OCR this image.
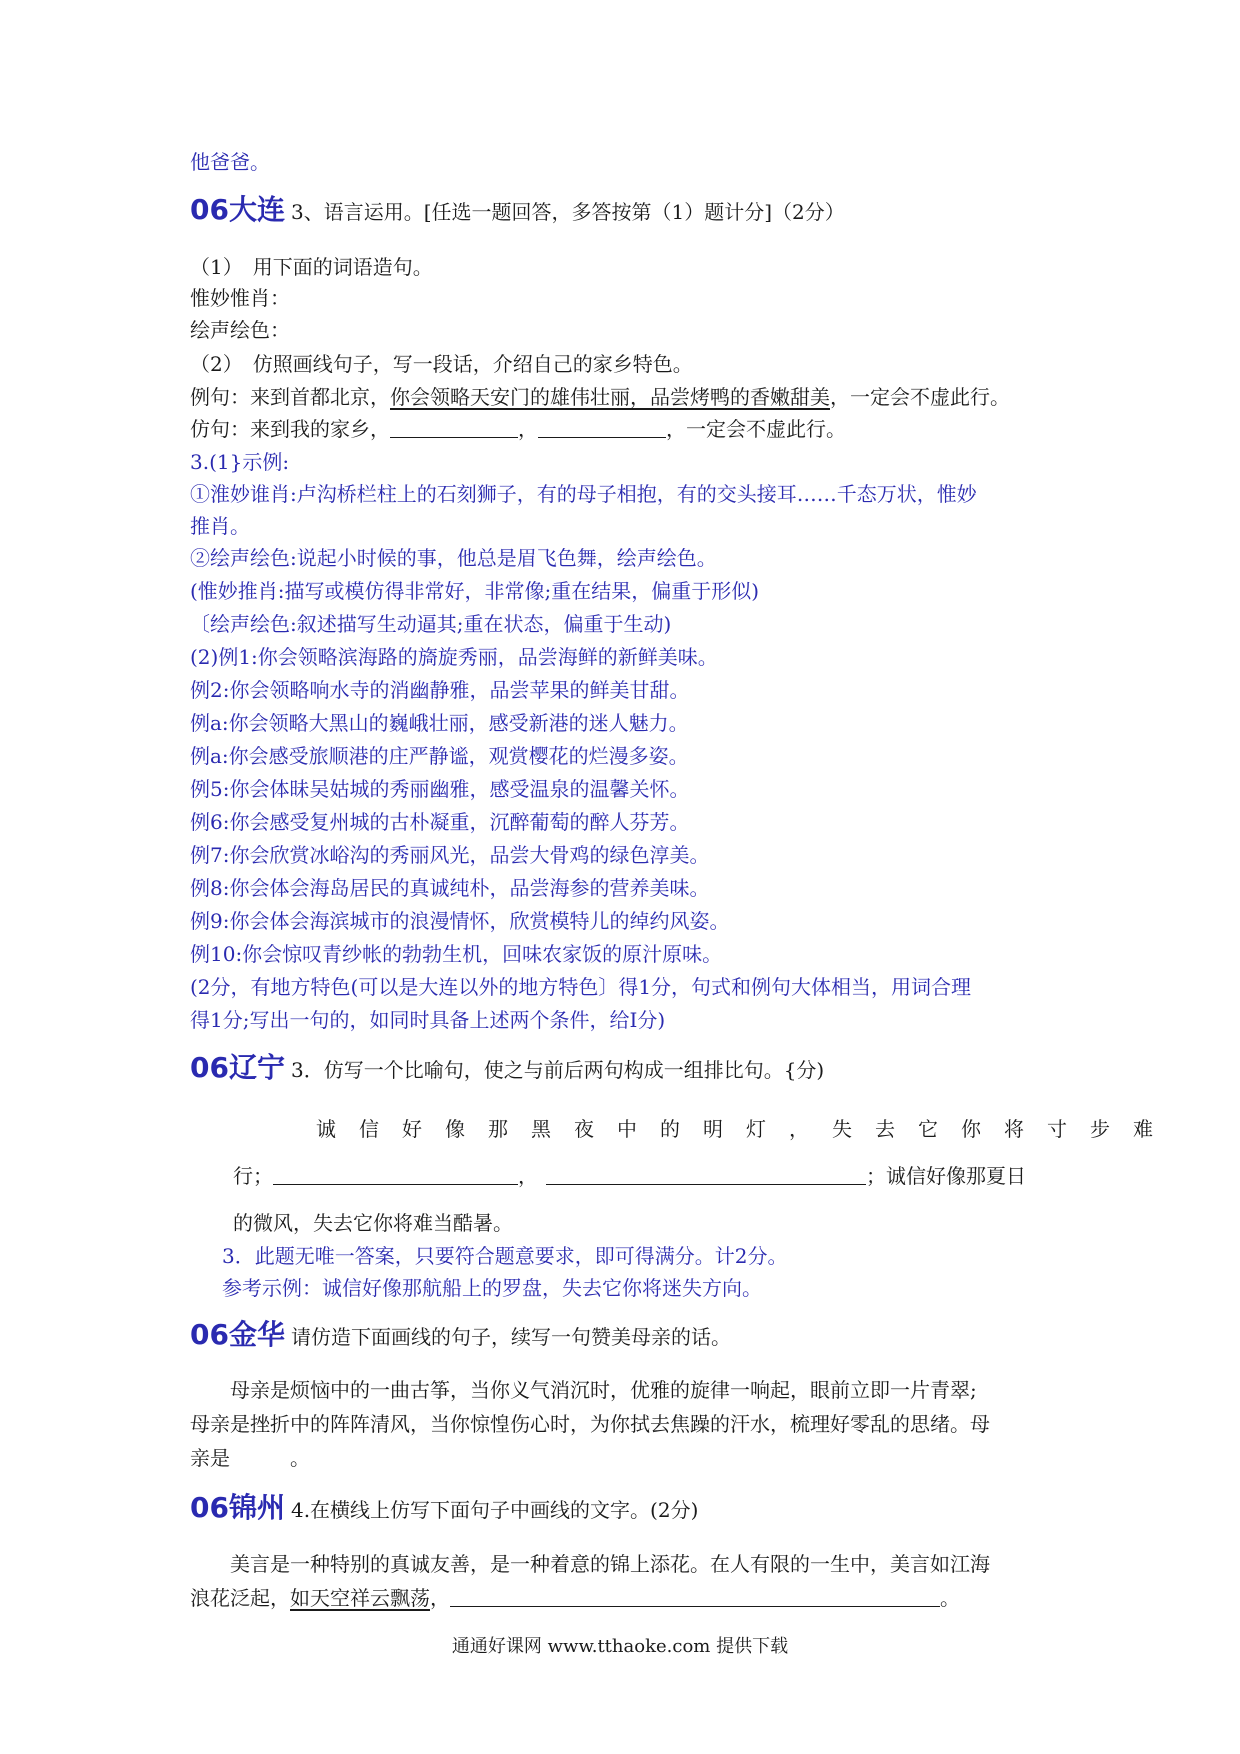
他爸爸。
06大连 3、语言运用。[任选一题回答，多答按第（1）题计分]（2分）
（1）　用下面的词语造句。
惟妙惟肖：
绘声绘色：
（2）　仿照画线句子，写一段话，介绍自己的家乡特色。
例句：来到首都北京，你会领略天安门的雄伟壮丽，品尝烤鸭的香嫩甜美，一定会不虚此行。
仿句：来到我的家乡，	，	，一定会不虚此行。
3.(1}示例:
①淮妙谁肖:卢沟桥栏柱上的石刻狮子，有的母子相抱，有的交头接耳……千态万状，惟妙
推肖。
②绘声绘色:说起小时候的事，他总是眉飞色舞，绘声绘色。
(惟妙推肖:描写或模仿得非常好，非常像;重在结果，偏重于形似)
〔绘声绘色:叙述描写生动逼其;重在状态，偏重于生动)
(2)例1:你会领略滨海路的旖旋秀丽，品尝海鲜的新鲜美味。
例2:你会领略响水寺的消幽静雅，品尝苹果的鲜美甘甜。
例a:你会领略大黑山的巍峨壮丽，感受新港的迷人魅力。
例a:你会感受旅顺港的庄严静谧，观赏樱花的烂漫多姿。
例5:你会体昧吴姑城的秀丽幽雅，感受温泉的温馨关怀。
例6:你会感受复州城的古朴凝重，沉醉葡萄的醉人芬芳。
例7:你会欣赏冰峪沟的秀丽风光，品尝大骨鸡的绿色淳美。
例8:你会体会海岛居民的真诚纯朴，品尝海参的营养美味。
例9:你会体会海滨城市的浪漫情怀，欣赏模特儿的绰约风姿。
例10:你会惊叹青纱帐的勃勃生机，回味农家饭的原汁原味。
(2分，有地方特色(可以是大连以外的地方特色〕得1分，句式和例句大体相当，用词合理
得1分;写出一句的，如同时具备上述两个条件，给I分)
06辽宁 3．仿写一个比喻句，使之与前后两句构成一组排比句。{分)
诚信好像那黑夜中的明灯，失去它你将寸步难
行；	，	；诚信好像那夏日
的微风，失去它你将难当酷暑。
3．此题无唯一答案，只要符合题意要求，即可得满分。计2分。
参考示例：诚信好像那航船上的罗盘，失去它你将迷失方向。
06金华 请仿造下面画线的句子，续写一句赞美母亲的话。
母亲是烦恼中的一曲古筝，当你义气消沉时，优雅的旋律一响起，眼前立即一片青翠;
母亲是挫折中的阵阵清风，当你惊惶伤心时，为你拭去焦躁的汗水，梳理好零乱的思绪。母
亲是	。
06锦州 4.在横线上仿写下面句子中画线的文字。(2分)
美言是一种特别的真诚友善，是一种着意的锦上添花。在人有限的一生中，美言如江海
浪花泛起，如天空祥云飘荡，	。
通通好课网 www.tthaoke.com 提供下载
